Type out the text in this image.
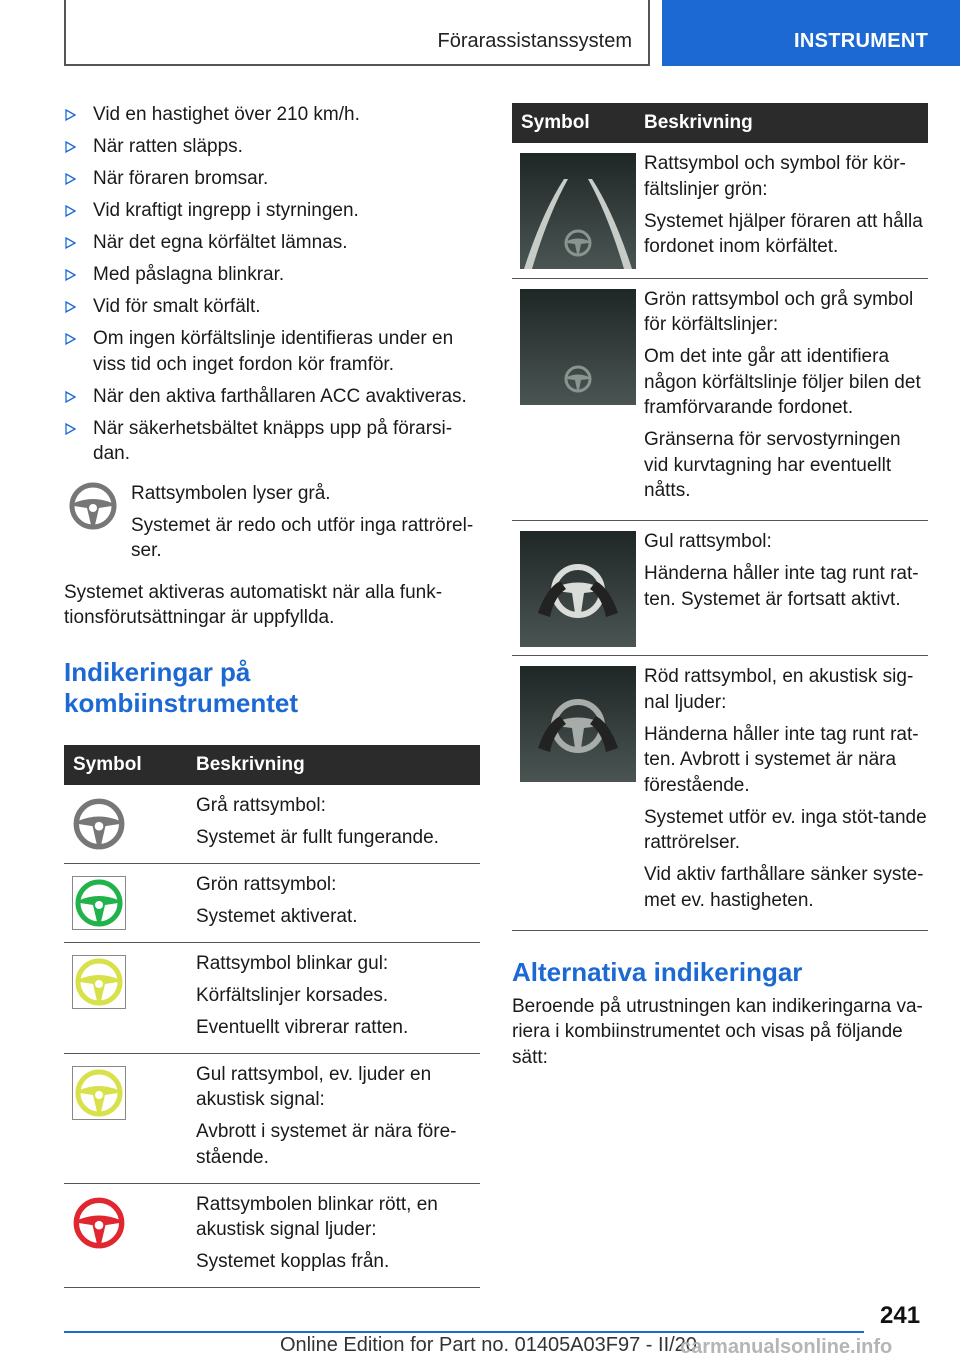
Förarassistanssystem	INSTRUMENT
Vid en hastighet över 210 km/h.
När ratten släpps.
När föraren bromsar.
Vid kraftigt ingrepp i styrningen.
När det egna körfältet lämnas.
Med påslagna blinkrar.
Vid för smalt körfält.
Om ingen körfältslinje identifieras under en viss tid och inget fordon kör framför.
När den aktiva farthållaren ACC avaktiveras.
När säkerhetsbältet knäpps upp på förarsi-dan.

Rattsymbolen lyser grå.

Systemet är redo och utför inga rattrörel-ser.

Systemet aktiveras automatiskt när alla funk-tionsförutsättningar är uppfyllda.

Indikeringar på kombiinstrumentet
Symbol	Beskrivning

Grå rattsymbol:

Systemet är fullt fungerande.

Grön rattsymbol:

Systemet aktiverat.

Rattsymbol blinkar gul:

Körfältslinjer korsades.

Eventuellt vibrerar ratten.

Gul rattsymbol, ev. ljuder en akustisk signal:

Avbrott i systemet är nära före-stående.

Rattsymbolen blinkar rött, en akustisk signal ljuder:

Systemet kopplas från.

Symbol	Beskrivning

Rattsymbol och symbol för kör-fältslinjer grön:

Systemet hjälper föraren att hålla fordonet inom körfältet.

Grön rattsymbol och grå symbol för körfältslinjer:

Om det inte går att identifiera någon körfältslinje följer bilen det framförvarande fordonet.

Gränserna för servostyrningen vid kurvtagning har eventuellt nåtts.

Gul rattsymbol:

Händerna håller inte tag runt rat-ten. Systemet är fortsatt aktivt.

Röd rattsymbol, en akustisk sig-nal ljuder:

Händerna håller inte tag runt rat-ten. Avbrott i systemet är nära förestående.

Systemet utför ev. inga stöt-tande rattrörelser.

Vid aktiv farthållare sänker syste-met ev. hastigheten.

Alternativa indikeringar

Beroende på utrustningen kan indikeringarna va-riera i kombiinstrumentet och visas på följande sätt:

241
Online Edition for Part no. 01405A03F97 - II/20
carmanualsonline.info
